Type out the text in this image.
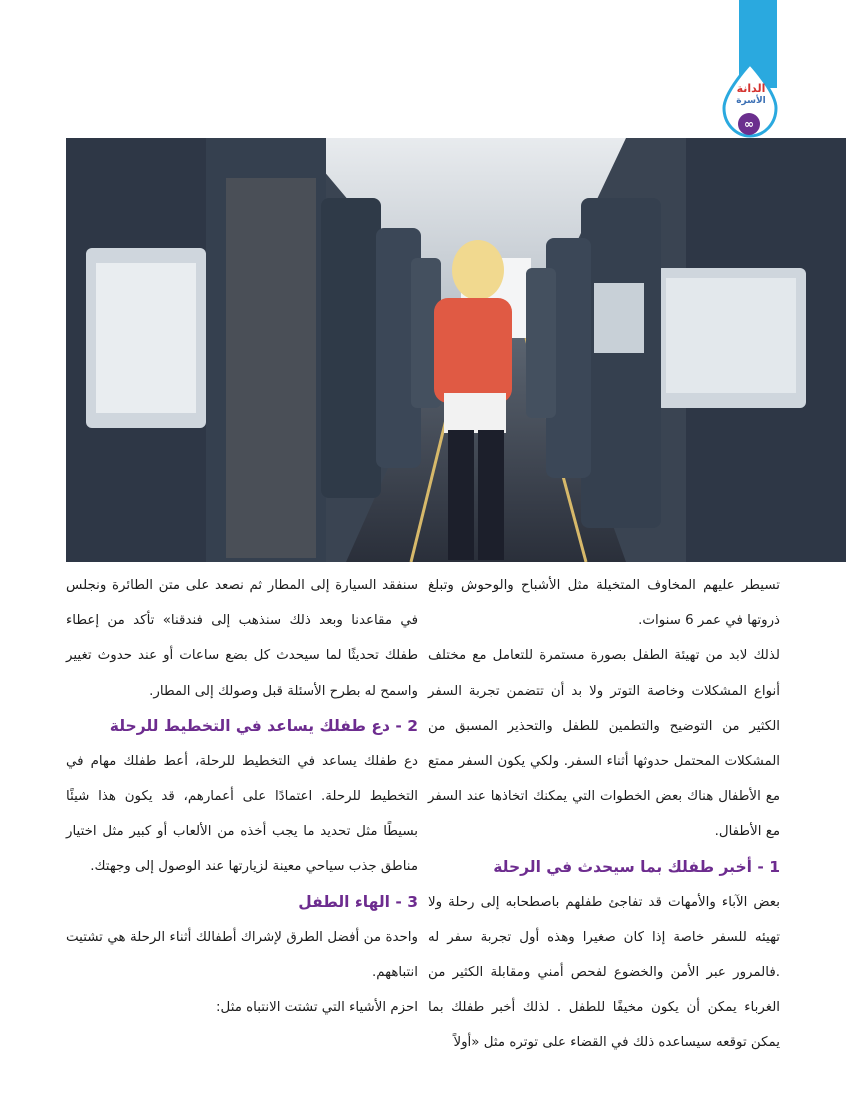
الدانة
الأسرة
∞

تسيطر عليهم المخاوف المتخيلة مثل الأشباح والوحوش وتبلغ ذروتها في عمر 6 سنوات.

لذلك لابد من تهيئة الطفل بصورة مستمرة للتعامل مع مختلف أنواع المشكلات وخاصة التوتر ولا بد أن تتضمن تجربة السفر الكثير من التوضيح والتطمين للطفل والتحذير المسبق من المشكلات المحتمل حدوثها أثناء السفر. ولكي يكون السفر ممتع مع الأطفال هناك بعض الخطوات التي يمكنك اتخاذها عند السفر مع الأطفال.

1 - أخبر طفلك بما سيحدث في الرحلة

بعض الآباء والأمهات قد تفاجئ طفلهم باصطحابه إلى رحلة ولا تهيئه للسفر خاصة إذا كان صغيرا وهذه أول تجربة سفر له .فالمرور عبر الأمن والخضوع لفحص أمني ومقابلة الكثير من الغرباء يمكن أن يكون مخيفًا للطفل . لذلك أخبر طفلك بما يمكن توقعه سيساعده ذلك في القضاء على توتره مثل «أولاً

سنفقد السيارة إلى المطار ثم نصعد على متن الطائرة ونجلس في مقاعدنا وبعد ذلك سنذهب إلى فندقنا» تأكد من إعطاء طفلك تحديثًا لما سيحدث كل بضع ساعات أو عند حدوث تغيير واسمح له بطرح الأسئلة قبل وصولك إلى المطار.

2 - دع طفلك يساعد في التخطيط للرحلة

دع طفلك يساعد في التخطيط للرحلة، أعط طفلك مهام في التخطيط للرحلة. اعتمادًا على أعمارهم، قد يكون هذا شيئًا بسيطًا مثل تحديد ما يجب أخذه من الألعاب أو كبير مثل اختيار مناطق جذب سياحي معينة لزيارتها عند الوصول إلى وجهتك.

3 - الهاء الطفل

واحدة من أفضل الطرق لإشراك أطفالك أثناء الرحلة هي تشتيت انتباههم.

احزم الأشياء التي تشتت الانتباه مثل:
